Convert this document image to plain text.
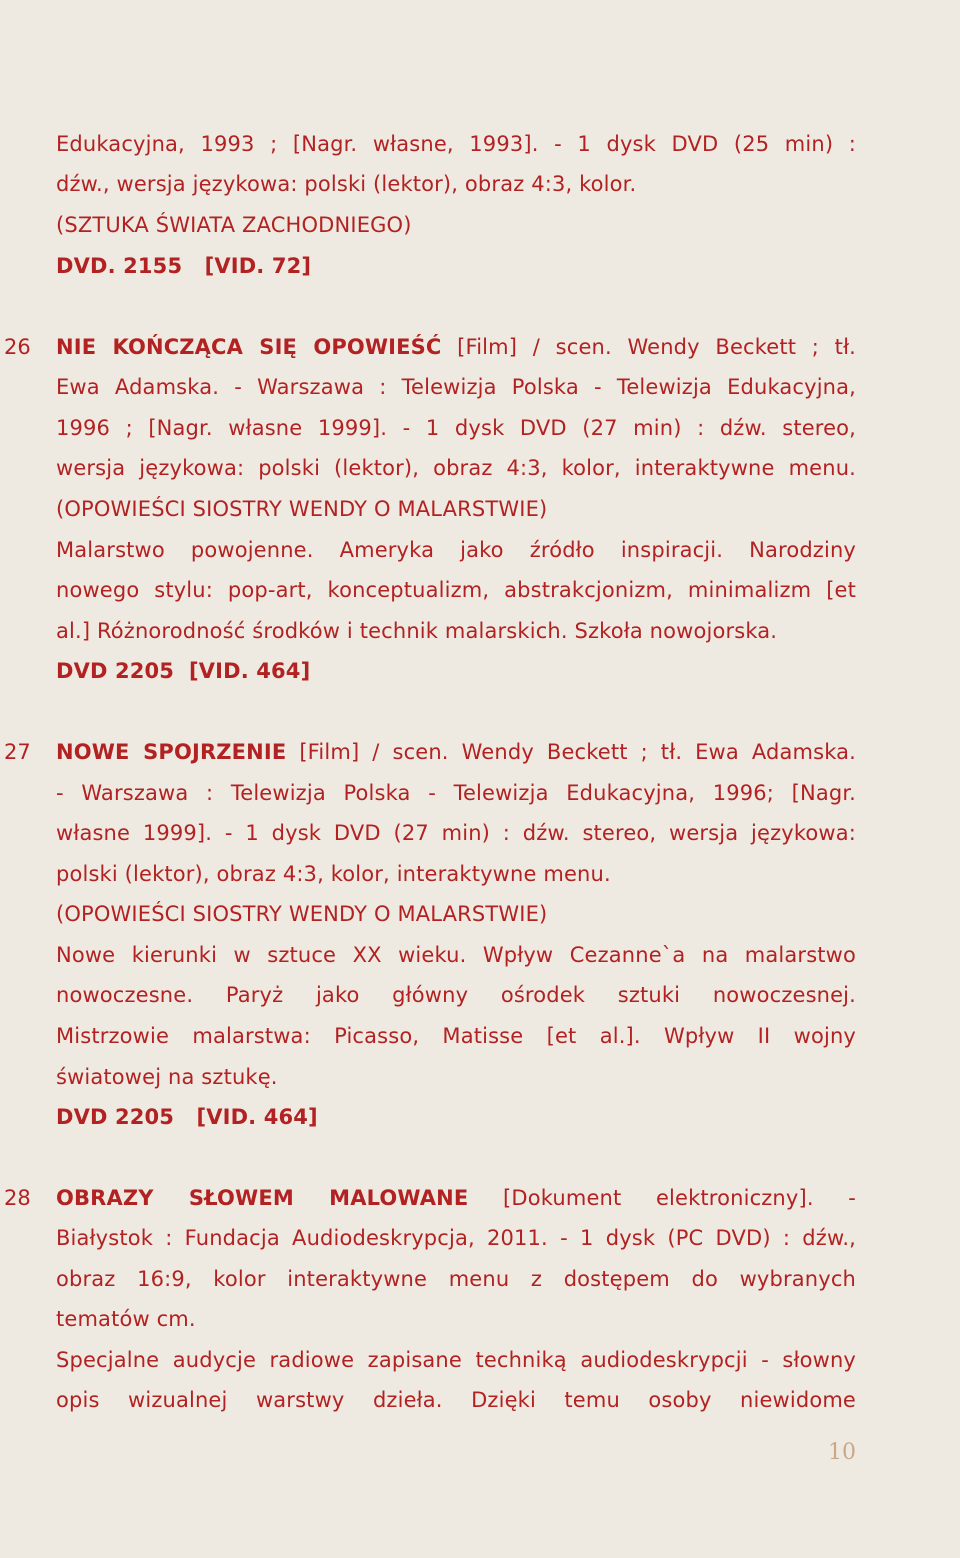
Edukacyjna, 1993 ; [Nagr. własne, 1993]. - 1 dysk DVD (25 min) :
dźw., wersja językowa: polski (lektor), obraz 4:3, kolor.
(SZTUKA ŚWIATA ZACHODNIEGO)
DVD. 2155   [VID. 72]
26	NIE KOŃCZĄCA SIĘ OPOWIEŚĆ [Film] / scen. Wendy Beckett ; tł.
Ewa Adamska. - Warszawa : Telewizja Polska - Telewizja Edukacyjna,
1996 ; [Nagr. własne 1999]. - 1 dysk DVD (27 min) : dźw. stereo,
wersja językowa: polski (lektor), obraz 4:3, kolor, interaktywne menu.
(OPOWIEŚCI SIOSTRY WENDY O MALARSTWIE)
Malarstwo powojenne. Ameryka jako źródło inspiracji. Narodziny
nowego stylu: pop-art, konceptualizm, abstrakcjonizm, minimalizm [et
al.] Różnorodność środków i technik malarskich. Szkoła nowojorska.
DVD 2205  [VID. 464]
27	NOWE SPOJRZENIE [Film] / scen. Wendy Beckett ; tł. Ewa Adamska.
- Warszawa : Telewizja Polska - Telewizja Edukacyjna, 1996; [Nagr.
własne 1999]. - 1 dysk DVD (27 min) : dźw. stereo, wersja językowa:
polski (lektor), obraz 4:3, kolor, interaktywne menu.
(OPOWIEŚCI SIOSTRY WENDY O MALARSTWIE)
Nowe kierunki w sztuce XX wieku. Wpływ Cezanne`a na malarstwo
nowoczesne. Paryż jako główny ośrodek sztuki nowoczesnej.
Mistrzowie malarstwa: Picasso, Matisse [et al.]. Wpływ II wojny
światowej na sztukę.
DVD 2205   [VID. 464]
28	OBRAZY SŁOWEM MALOWANE [Dokument elektroniczny]. -
Białystok : Fundacja Audiodeskrypcja, 2011. - 1 dysk (PC DVD) : dźw.,
obraz 16:9, kolor interaktywne menu z dostępem do wybranych
tematów cm.
Specjalne audycje radiowe zapisane techniką audiodeskrypcji - słowny
opis wizualnej warstwy dzieła. Dzięki temu osoby niewidome
10
